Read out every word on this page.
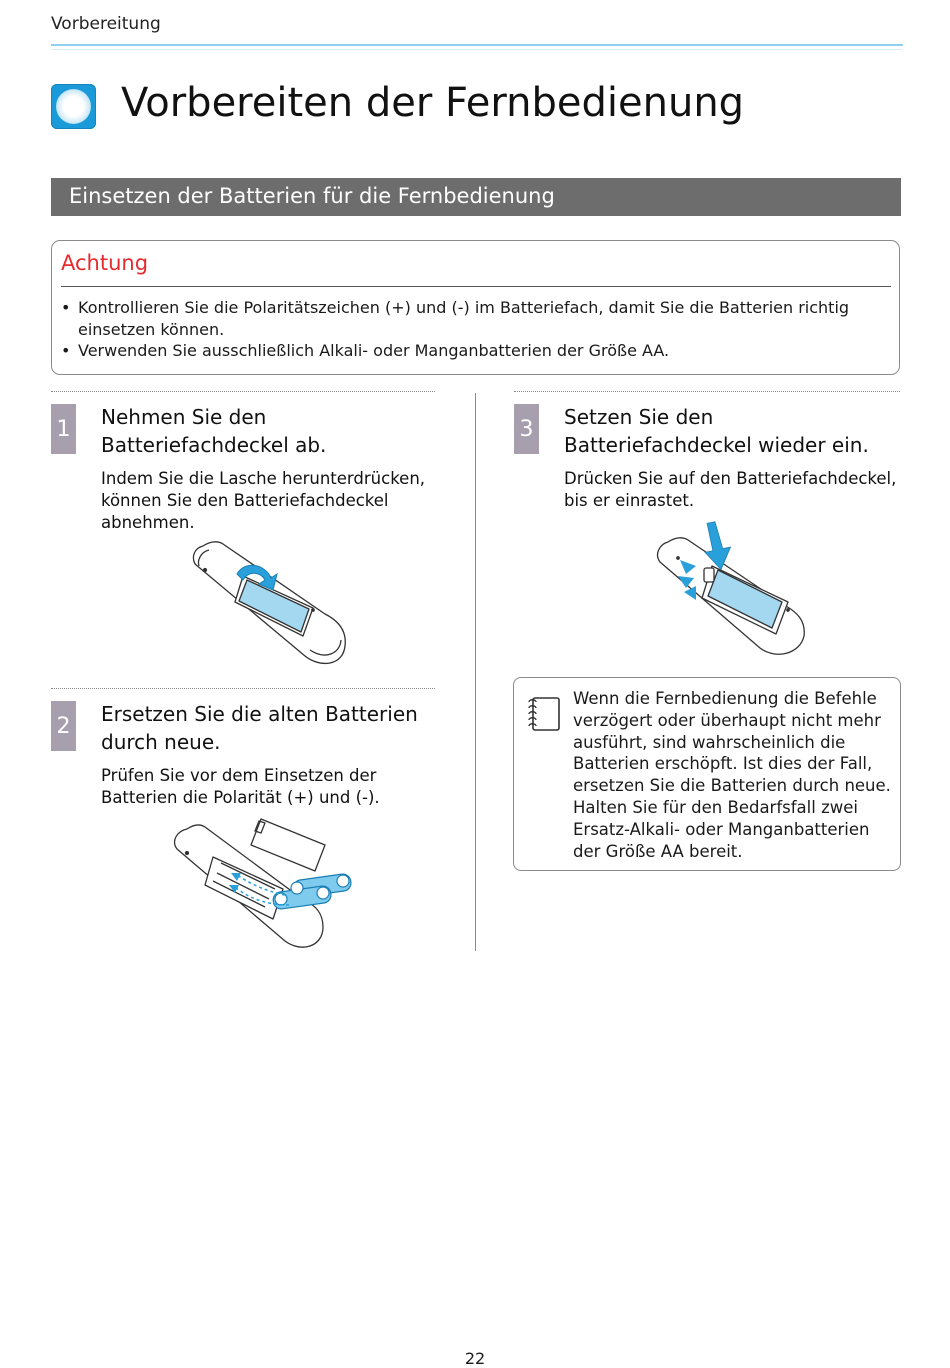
Vorbereitung
Vorbereiten der Fernbedienung
Einsetzen der Batterien für die Fernbedienung
Achtung
• Kontrollieren Sie die Polaritätszeichen (+) und (-) im Batteriefach, damit Sie die Batterien richtig einsetzen können.
• Verwenden Sie ausschließlich Alkali- oder Manganbatterien der Größe AA.
1 Nehmen Sie den Batteriefachdeckel ab.
Indem Sie die Lasche herunterdrücken, können Sie den Batteriefachdeckel abnehmen.
2 Ersetzen Sie die alten Batterien durch neue.
Prüfen Sie vor dem Einsetzen der Batterien die Polarität (+) und (-).
3 Setzen Sie den Batteriefachdeckel wieder ein.
Drücken Sie auf den Batteriefachdeckel, bis er einrastet.
Wenn die Fernbedienung die Befehle verzögert oder überhaupt nicht mehr ausführt, sind wahrscheinlich die Batterien erschöpft. Ist dies der Fall, ersetzen Sie die Batterien durch neue. Halten Sie für den Bedarfsfall zwei Ersatz-Alkali- oder Manganbatterien der Größe AA bereit.
22
